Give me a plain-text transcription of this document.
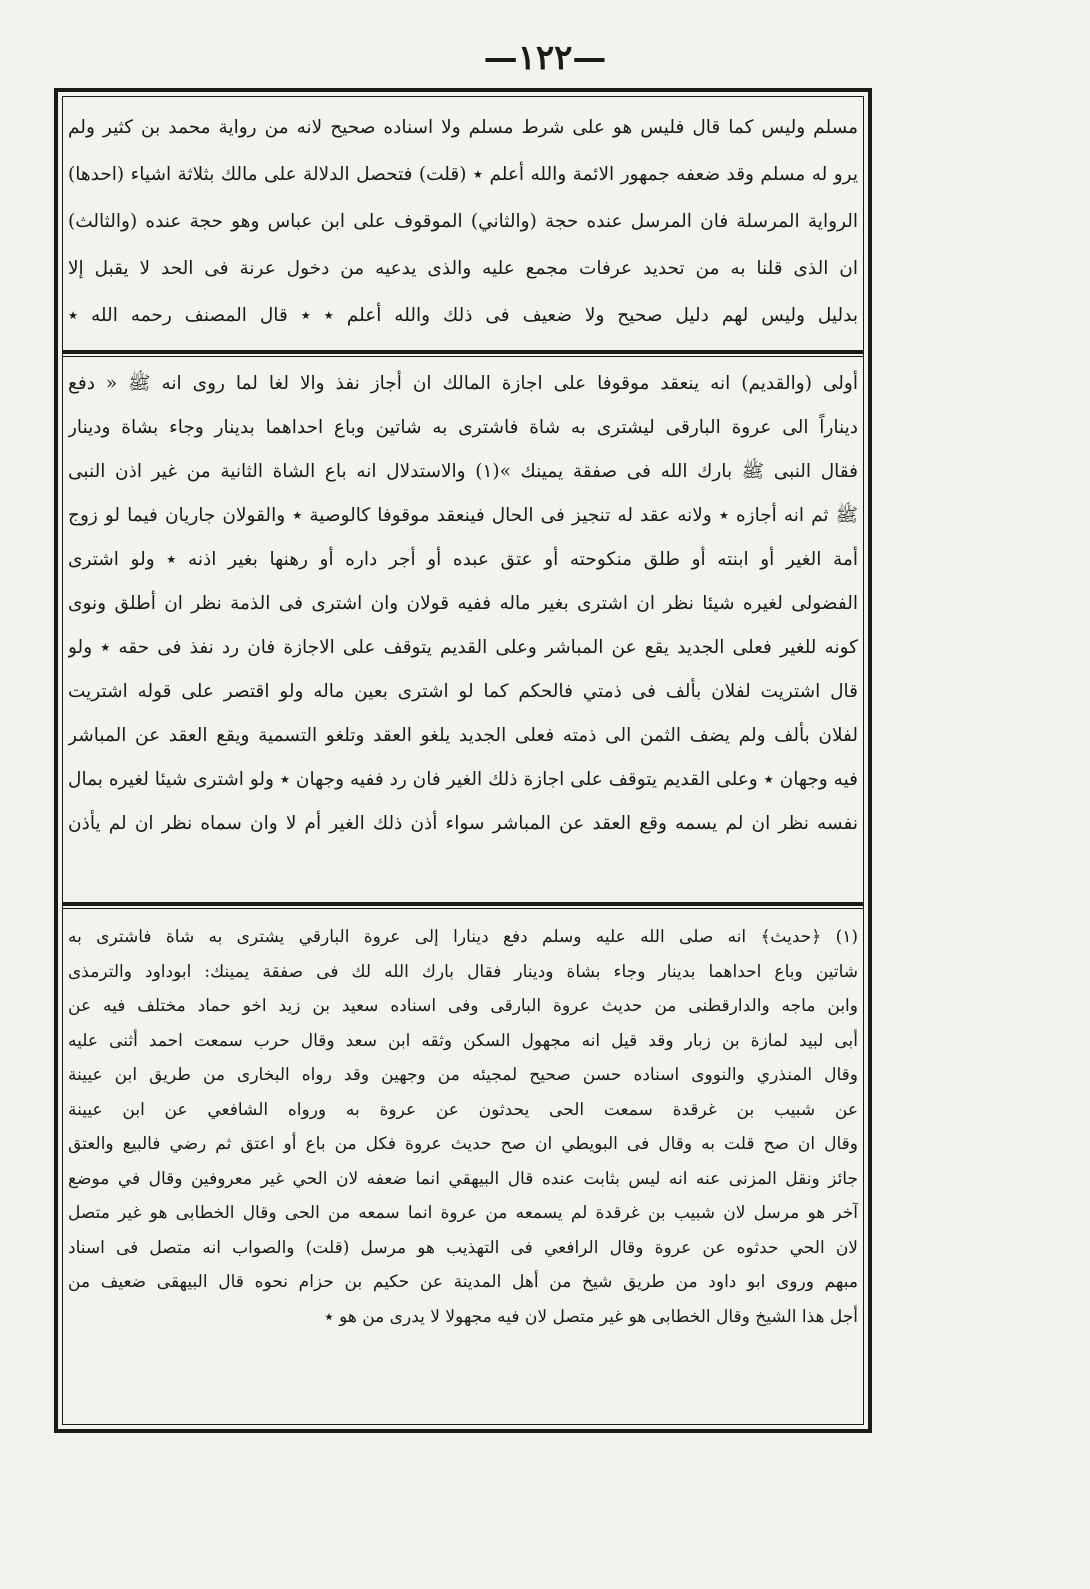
—١٢٢—
مسلم وليس كما قال فليس هو على شرط مسلم ولا اسناده صحيح لانه من رواية محمد بن كثير ولم
يرو له مسلم وقد ضعفه جمهور الائمة والله أعلم ٭ (قلت) فتحصل الدلالة على مالك بثلاثة اشياء (احدها)
الرواية المرسلة فان المرسل عنده حجة (والثاني) الموقوف على ابن عباس وهو حجة عنده (والثالث)
ان الذى قلنا به من تحديد عرفات مجمع عليه والذى يدعيه من دخول عرنة فى الحد لا يقبل إلا
بدليل وليس لهم دليل صحيح ولا ضعيف فى ذلك والله أعلم ٭ ٭ قال المصنف رحمه الله ٭
أولى (والقديم) انه ينعقد موقوفا على اجازة المالك ان أجاز نفذ والا لغا لما روى انه ﷺ « دفع
ديناراً الى عروة البارقى ليشترى به شاة فاشترى به شاتين وباع احداهما بدينار وجاء بشاة ودينار
فقال النبى ﷺ بارك الله فى صفقة يمينك »(١) والاستدلال انه باع الشاة الثانية من غير اذن النبى
ﷺ ثم انه أجازه ٭ ولانه عقد له تنجيز فى الحال فينعقد موقوفا كالوصية ٭ والقولان جاريان فيما لو زوج
أمة الغير أو ابنته أو طلق منكوحته أو عتق عبده أو أجر داره أو رهنها بغير اذنه ٭ ولو اشترى
الفضولى لغيره شيئا نظر ان اشترى بغير ماله ففيه قولان وان اشترى فى الذمة نظر ان أطلق ونوى
كونه للغير فعلى الجديد يقع عن المباشر وعلى القديم يتوقف على الاجازة فان رد نفذ فى حقه ٭ ولو
قال اشتريت لفلان بألف فى ذمتي فالحكم كما لو اشترى بعين ماله ولو اقتصر على قوله اشتريت
لفلان بألف ولم يضف الثمن الى ذمته فعلى الجديد يلغو العقد وتلغو التسمية ويقع العقد عن المباشر
فيه وجهان ٭ وعلى القديم يتوقف على اجازة ذلك الغير فان رد ففيه وجهان ٭ ولو اشترى شيئا لغيره بمال
نفسه نظر ان لم يسمه وقع العقد عن المباشر سواء أذن ذلك الغير أم لا وان سماه نظر ان لم يأذن
(١) ﴿حديث﴾ انه صلى الله عليه وسلم دفع دينارا إلى عروة البارقي يشترى به شاة فاشترى به
شاتين وباع احداهما بدينار وجاء بشاة ودينار فقال بارك الله لك فى صفقة يمينك: ابوداود والترمذى
وابن ماجه والدارقطنى من حديث عروة البارقى وفى اسناده سعيد بن زيد اخو حماد مختلف فيه عن
أبى لبيد لمازة بن زبار وقد قيل انه مجهول السكن وثقه ابن سعد وقال حرب سمعت احمد أثنى عليه
وقال المنذري والنووى اسناده حسن صحيح لمجيئه من وجهين وقد رواه البخارى من طريق ابن عيينة
عن شبيب بن غرقدة سمعت الحى يحدثون عن عروة به ورواه الشافعي عن ابن عيينة
وقال ان صح قلت به وقال فى البويطي ان صح حديث عروة فكل من باع أو اعتق ثم رضي فالبيع والعتق
جائز ونقل المزنى عنه انه ليس بثابت عنده قال البيهقي انما ضعفه لان الحي غير معروفين وقال في موضع
آخر هو مرسل لان شبيب بن غرقدة لم يسمعه من عروة انما سمعه من الحى وقال الخطابى هو غير متصل
لان الحي حدثوه عن عروة وقال الرافعي فى التهذيب هو مرسل (قلت) والصواب انه متصل فى اسناد
مبهم وروى ابو داود من طريق شيخ من أهل المدينة عن حكيم بن حزام نحوه قال البيهقى ضعيف من
أجل هذا الشيخ وقال الخطابى هو غير متصل لان فيه مجهولا لا يدرى من هو ٭
